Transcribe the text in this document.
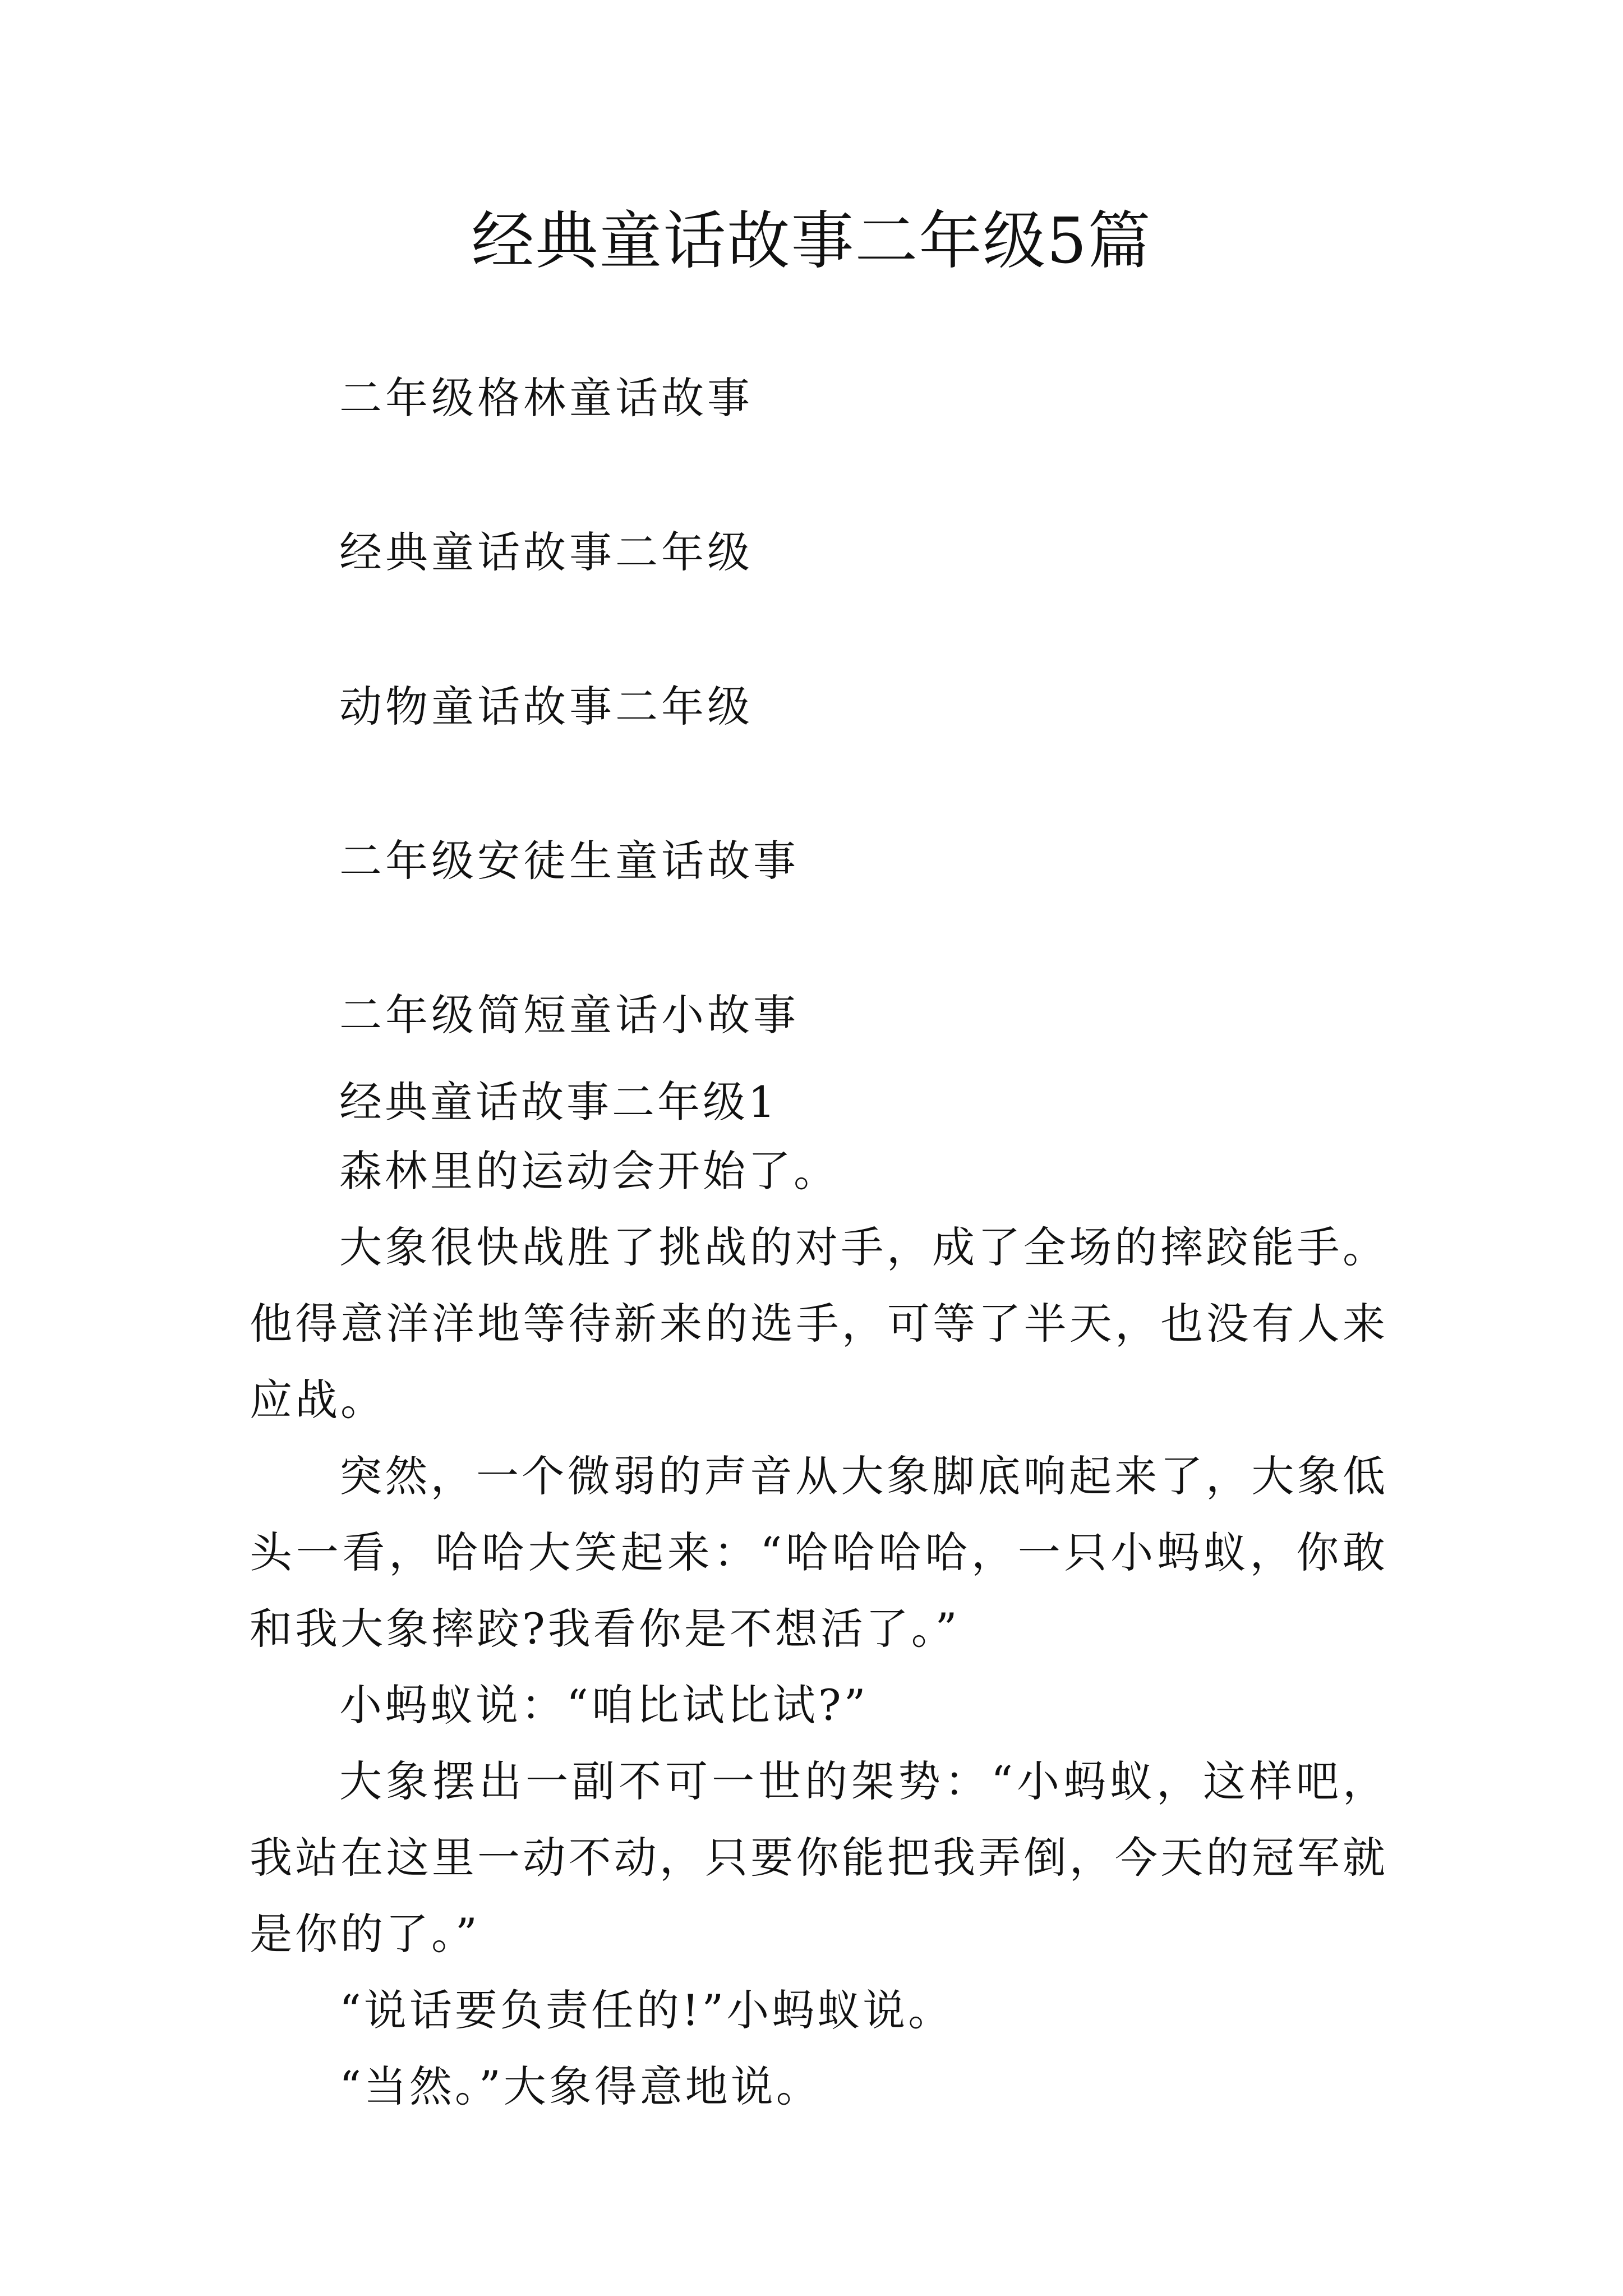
经典童话故事二年级5篇
二年级格林童话故事
经典童话故事二年级
动物童话故事二年级
二年级安徒生童话故事
二年级简短童话小故事

经典童话故事二年级1

森林里的运动会开始了。

大象很快战胜了挑战的对手，成了全场的摔跤能手。他得意洋洋地等待新来的选手，可等了半天，也没有人来应战。

突然，一个微弱的声音从大象脚底响起来了，大象低头一看，哈哈大笑起来：“哈哈哈哈，一只小蚂蚁，你敢和我大象摔跤?我看你是不想活了。”

小蚂蚁说：“咱比试比试?”

大象摆出一副不可一世的架势：“小蚂蚁，这样吧，我站在这里一动不动，只要你能把我弄倒，今天的冠军就是你的了。”

“说话要负责任的!”小蚂蚁说。

“当然。”大象得意地说。
